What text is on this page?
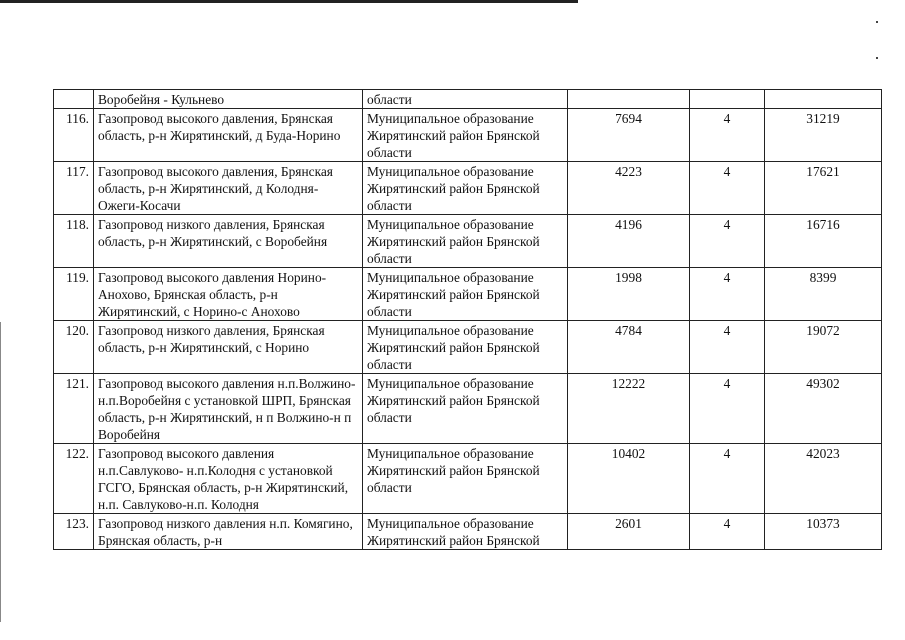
	Воробейня - Кульнево	области			
116.	Газопровод высокого давления, Брянская область, р-н Жирятинский, д Буда-Норино	Муниципальное образование Жирятинский район Брянской области	7694	4	31219
117.	Газопровод высокого давления, Брянская область, р-н Жирятинский, д Колодня-Ожеги-Косачи	Муниципальное образование Жирятинский район Брянской области	4223	4	17621
118.	Газопровод низкого давления, Брянская область, р-н Жирятинский, с Воробейня	Муниципальное образование Жирятинский район Брянской области	4196	4	16716
119.	Газопровод высокого давления Норино-Анохово, Брянская область, р-н Жирятинский, с Норино-с Анохово	Муниципальное образование Жирятинский район Брянской области	1998	4	8399
120.	Газопровод низкого давления, Брянская область, р-н Жирятинский, с Норино	Муниципальное образование Жирятинский район Брянской области	4784	4	19072
121.	Газопровод высокого давления н.п.Волжино- н.п.Воробейня с установкой ШРП, Брянская область, р-н Жирятинский, н п Волжино-н п Воробейня	Муниципальное образование Жирятинский район Брянской области	12222	4	49302
122.	Газопровод высокого давления н.п.Савлуково- н.п.Колодня с установкой ГСГО, Брянская область, р-н Жирятинский, н.п. Савлуково-н.п. Колодня	Муниципальное образование Жирятинский район Брянской области	10402	4	42023
123.	Газопровод низкого давления н.п. Комягино, Брянская область, р-н	Муниципальное образование Жирятинский район Брянской	2601	4	10373
